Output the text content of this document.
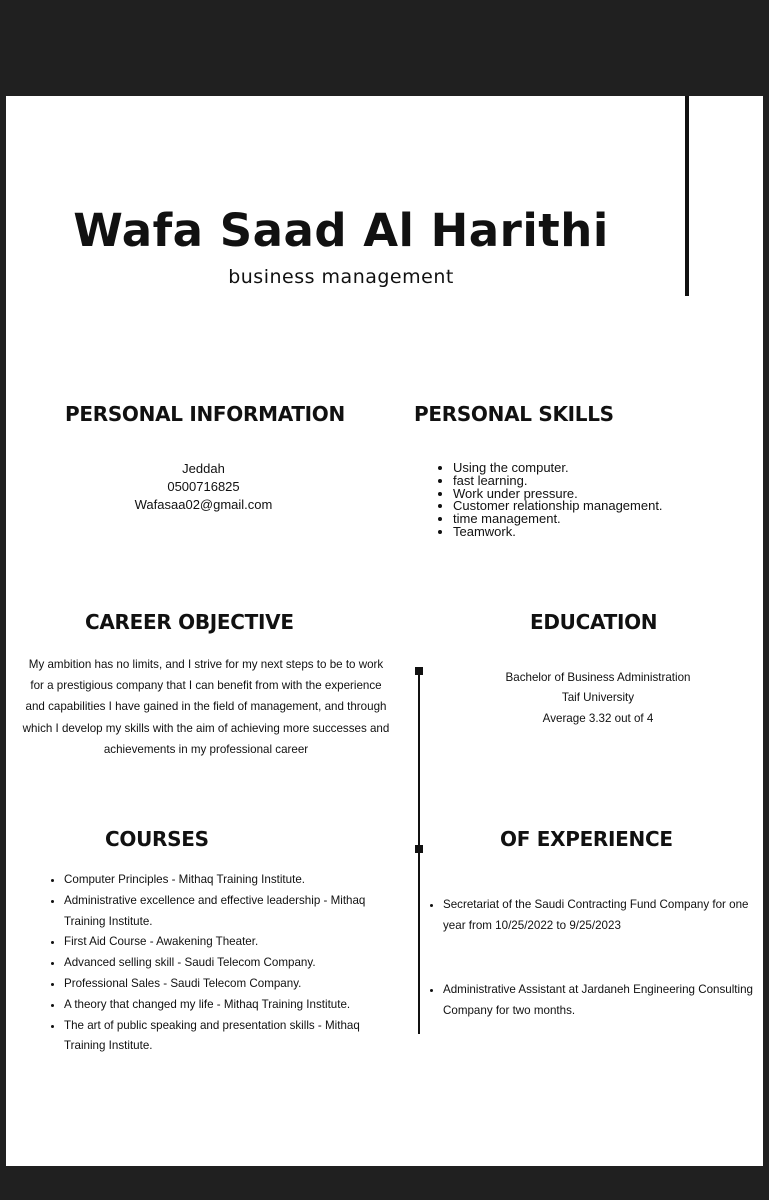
Wafa Saad Al Harithi
business management
PERSONAL INFORMATION
Jeddah
0500716825
Wafasaa02@gmail.com
PERSONAL SKILLS
• Using the computer.
• fast learning.
• Work under pressure.
• Customer relationship management.
• time management.
• Teamwork.
CAREER OBJECTIVE
My ambition has no limits, and I strive for my next steps to be to work for a prestigious company that I can benefit from with the experience and capabilities I have gained in the field of management, and through which I develop my skills with the aim of achieving more successes and achievements in my professional career
EDUCATION
Bachelor of Business Administration
Taif University
Average 3.32 out of 4
COURSES
• Computer Principles - Mithaq Training Institute.
• Administrative excellence and effective leadership - Mithaq Training Institute.
• First Aid Course - Awakening Theater.
• Advanced selling skill - Saudi Telecom Company.
• Professional Sales - Saudi Telecom Company.
• A theory that changed my life - Mithaq Training Institute.
• The art of public speaking and presentation skills - Mithaq Training Institute.
OF EXPERIENCE
• Secretariat of the Saudi Contracting Fund Company for one year from 10/25/2022 to 9/25/2023
• Administrative Assistant at Jardaneh Engineering Consulting Company for two months.
